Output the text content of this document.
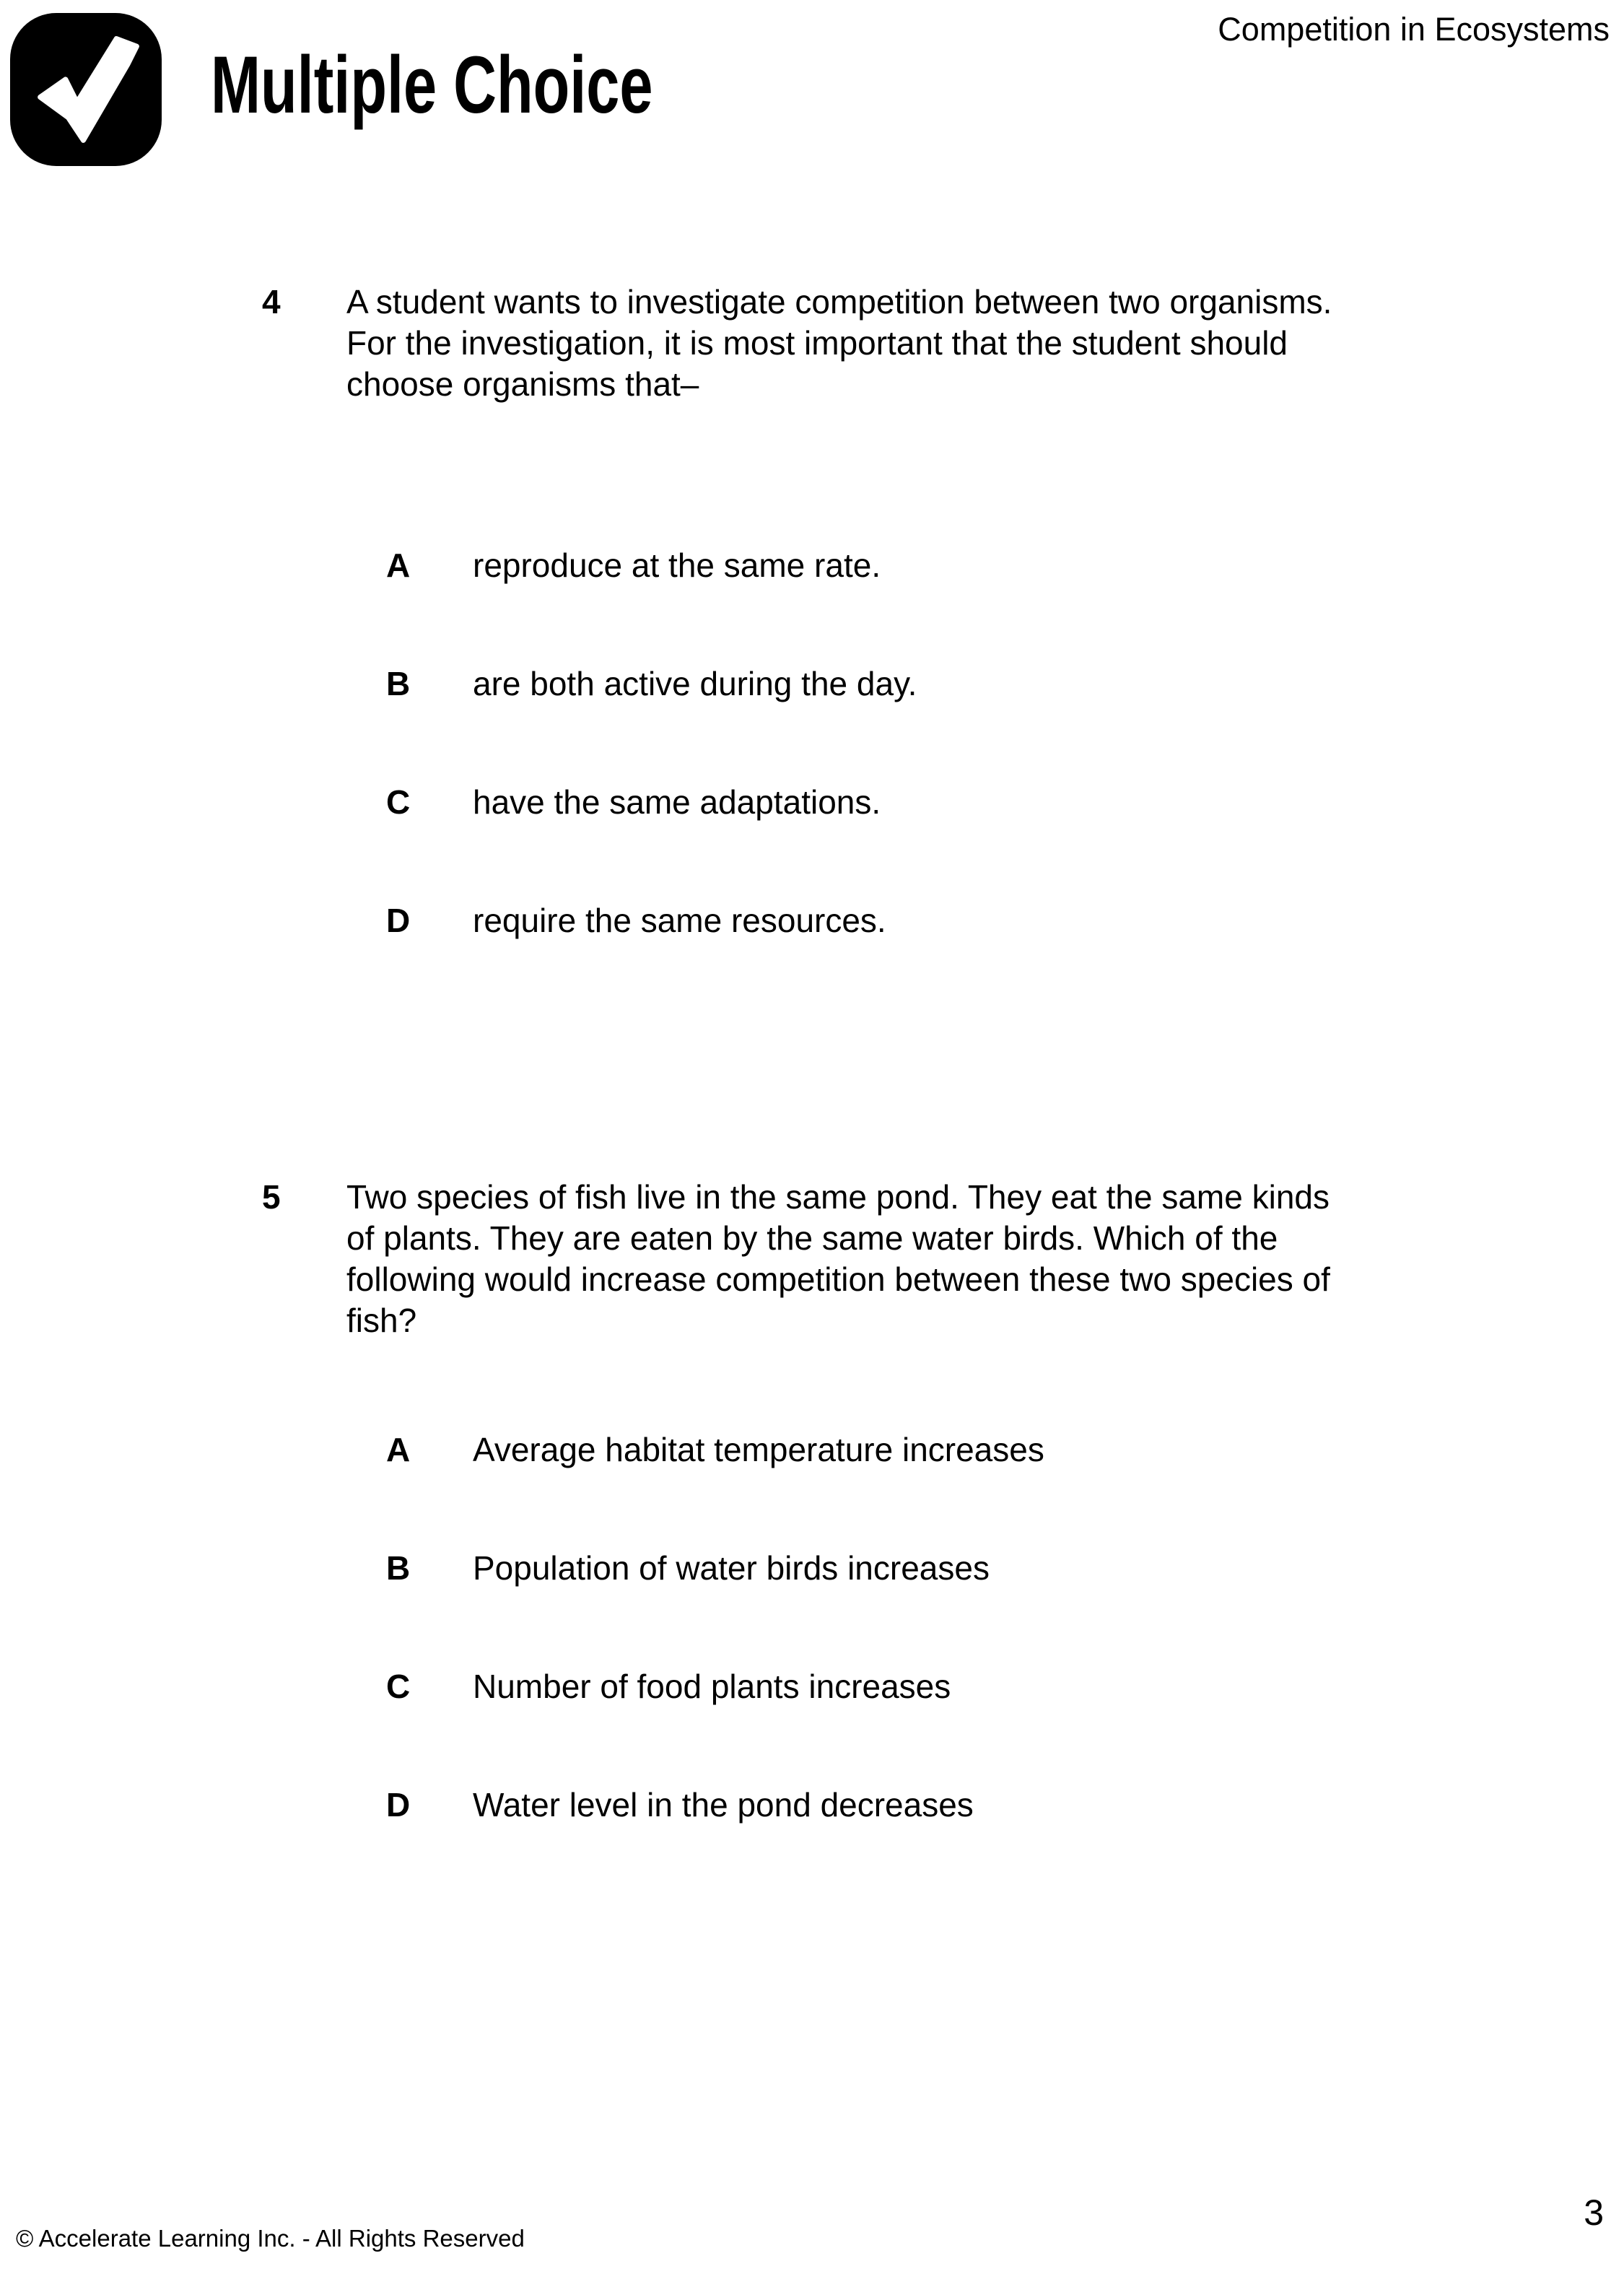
Multiple Choice
Competition in Ecosystems
4	A student wants to investigate competition between two organisms. For the investigation, it is most important that the student should choose organisms that–
A	reproduce at the same rate.
B	are both active during the day.
C	have the same adaptations.
D	require the same resources.
5	Two species of fish live in the same pond. They eat the same kinds of plants. They are eaten by the same water birds. Which of the following would increase competition between these two species of fish?
A	Average habitat temperature increases
B	Population of water birds increases
C	Number of food plants increases
D	Water level in the pond decreases
© Accelerate Learning Inc. - All Rights Reserved
3
